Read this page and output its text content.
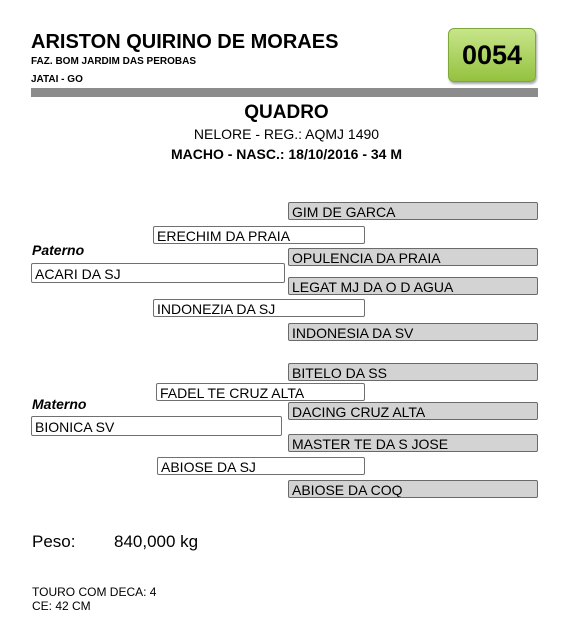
ARISTON QUIRINO DE MORAES
FAZ. BOM JARDIM DAS PEROBAS
JATAI - GO
0054
QUADRO
NELORE - REG.: AQMJ 1490
MACHO - NASC.: 18/10/2016 - 34 M
GIM DE GARCA
ERECHIM DA PRAIA
Paterno	OPULENCIA DA PRAIA
ACARI DA SJ
LEGAT MJ DA O D AGUA
INDONEZIA DA SJ
INDONESIA DA SV
BITELO DA SS
FADEL TE CRUZ ALTA
Materno	DACING CRUZ ALTA
BIONICA SV
MASTER TE DA S JOSE
ABIOSE DA SJ
ABIOSE DA COQ
Peso: 840,000 kg
TOURO COM DECA: 4
CE: 42 CM
